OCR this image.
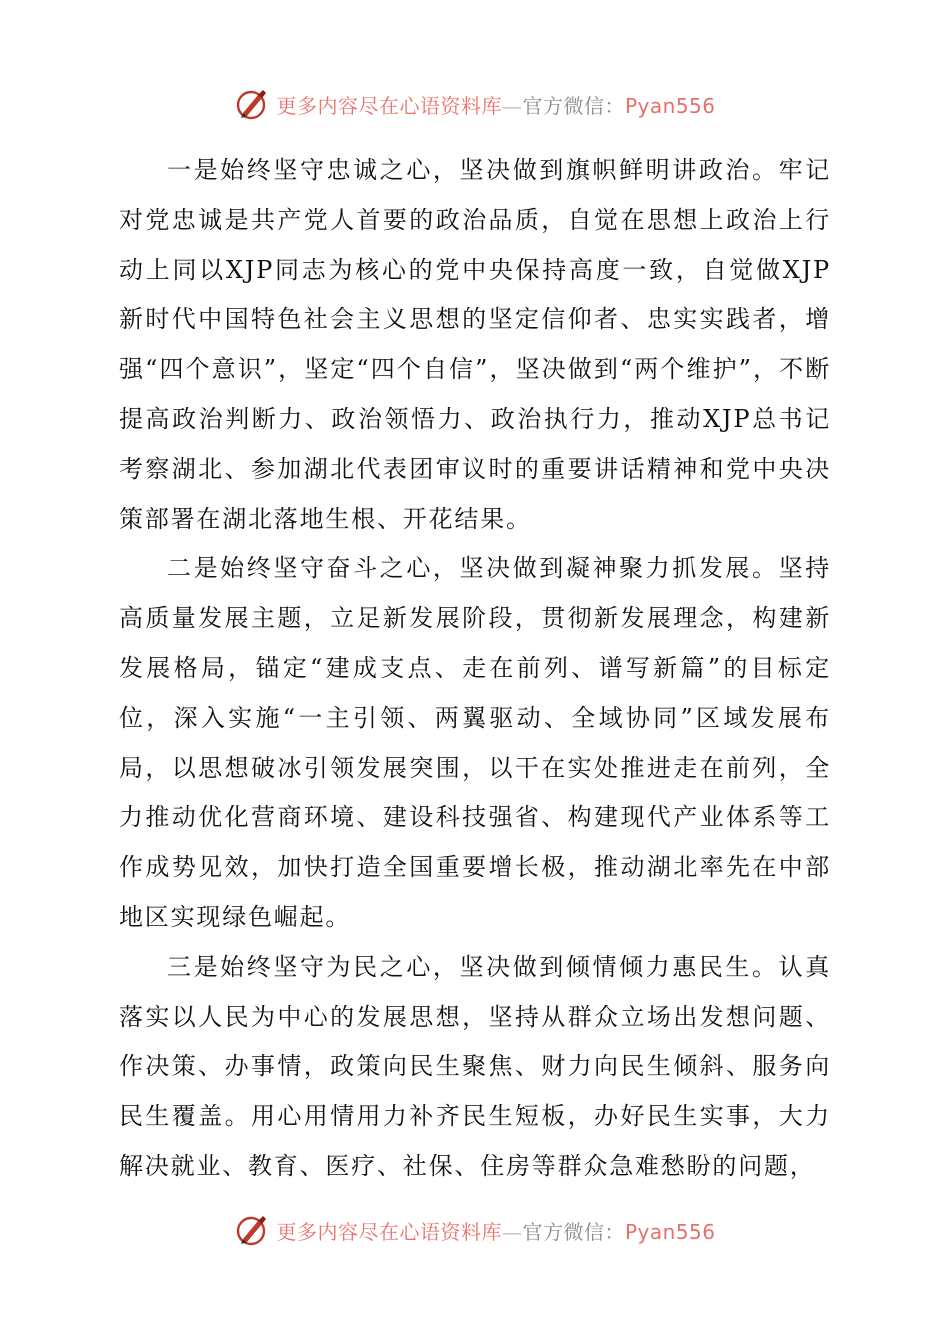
更多内容尽在心语资料库—官方微信：Pyan556

一是始终坚守忠诚之心，坚决做到旗帜鲜明讲政治。牢记对党忠诚是共产党人首要的政治品质，自觉在思想上政治上行动上同以XJP同志为核心的党中央保持高度一致，自觉做XJP新时代中国特色社会主义思想的坚定信仰者、忠实实践者，增强“四个意识”，坚定“四个自信”，坚决做到“两个维护”，不断提高政治判断力、政治领悟力、政治执行力，推动XJP总书记考察湖北、参加湖北代表团审议时的重要讲话精神和党中央决策部署在湖北落地生根、开花结果。

二是始终坚守奋斗之心，坚决做到凝神聚力抓发展。坚持高质量发展主题，立足新发展阶段，贯彻新发展理念，构建新发展格局，锚定“建成支点、走在前列、谱写新篇”的目标定位，深入实施“一主引领、两翼驱动、全域协同”区域发展布局，以思想破冰引领发展突围，以干在实处推进走在前列，全力推动优化营商环境、建设科技强省、构建现代产业体系等工作成势见效，加快打造全国重要增长极，推动湖北率先在中部地区实现绿色崛起。

三是始终坚守为民之心，坚决做到倾情倾力惠民生。认真落实以人民为中心的发展思想，坚持从群众立场出发想问题、作决策、办事情，政策向民生聚焦、财力向民生倾斜、服务向民生覆盖。用心用情用力补齐民生短板，办好民生实事，大力解决就业、教育、医疗、社保、住房等群众急难愁盼的问题，

更多内容尽在心语资料库—官方微信：Pyan556
